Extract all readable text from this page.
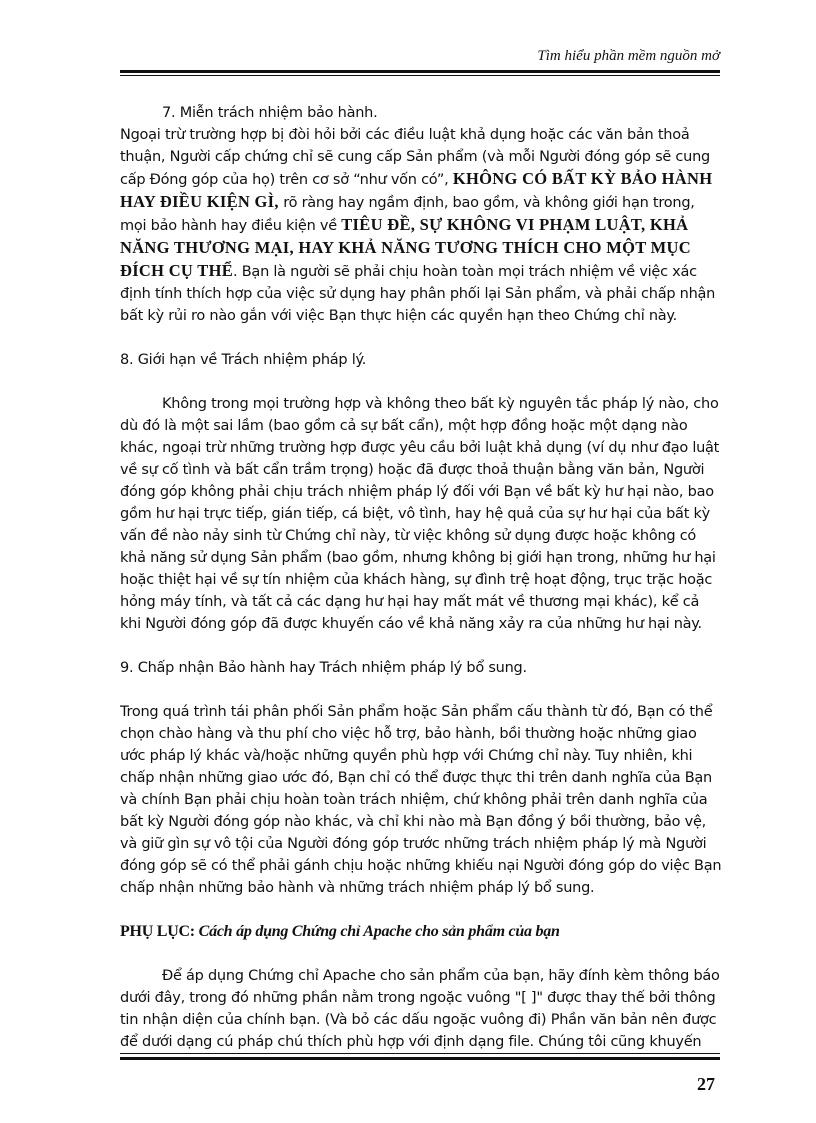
Tìm hiểu phần mềm nguồn mở

7. Miễn trách nhiệm bảo hành.

Ngoại trừ trường hợp bị đòi hỏi bởi các điều luật khả dụng hoặc các văn bản thoả thuận, Người cấp chứng chỉ sẽ cung cấp Sản phẩm (và mỗi Người đóng góp sẽ cung cấp Đóng góp của họ) trên cơ sở “như vốn có”, KHÔNG CÓ BẤT KỲ BẢO HÀNH HAY ĐIỀU KIỆN GÌ, rõ ràng hay ngầm định, bao gồm, và không giới hạn trong, mọi bảo hành hay điều kiện về TIÊU ĐỀ, SỰ KHÔNG VI PHẠM LUẬT, KHẢ NĂNG THƯƠNG MẠI, HAY KHẢ NĂNG TƯƠNG THÍCH CHO MỘT MỤC ĐÍCH CỤ THỂ. Bạn là người sẽ phải chịu hoàn toàn mọi trách nhiệm về việc xác định tính thích hợp của việc sử dụng hay phân phối lại Sản phẩm, và phải chấp nhận bất kỳ rủi ro nào gắn với việc Bạn thực hiện các quyền hạn theo Chứng chỉ này.

8. Giới hạn về Trách nhiệm pháp lý.

Không trong mọi trường hợp và không theo bất kỳ nguyên tắc pháp lý nào, cho dù đó là một sai lầm (bao gồm cả sự bất cẩn), một hợp đồng hoặc một dạng nào khác, ngoại trừ những trường hợp được yêu cầu bởi luật khả dụng (ví dụ như đạo luật về sự cố tình và bất cẩn trầm trọng) hoặc đã được thoả thuận bằng văn bản, Người đóng góp không phải chịu trách nhiệm pháp lý đối với Bạn về bất kỳ hư hại nào, bao gồm hư hại trực tiếp, gián tiếp, cá biệt, vô tình, hay hệ quả của sự hư hại của bất kỳ vấn đề nào nảy sinh từ Chứng chỉ này, từ việc không sử dụng được hoặc không có khả năng sử dụng Sản phẩm (bao gồm, nhưng không bị giới hạn trong, những hư hại hoặc thiệt hại về sự tín nhiệm của khách hàng, sự đình trệ hoạt động, trục trặc hoặc hỏng máy tính, và tất cả các dạng hư hại hay mất mát về thương mại khác), kể cả khi Người đóng góp đã được khuyến cáo về khả năng xảy ra của những hư hại này.

9. Chấp nhận Bảo hành hay Trách nhiệm pháp lý bổ sung.

Trong quá trình tái phân phối Sản phẩm hoặc Sản phẩm cấu thành từ đó, Bạn có thể chọn chào hàng và thu phí cho việc hỗ trợ, bảo hành, bồi thường hoặc những giao ước pháp lý khác và/hoặc những quyền phù hợp với Chứng chỉ này. Tuy nhiên, khi chấp nhận những giao ước đó, Bạn chỉ có thể được thực thi trên danh nghĩa của Bạn và chính Bạn phải chịu hoàn toàn trách nhiệm, chứ không phải trên danh nghĩa của bất kỳ Người đóng góp nào khác, và chỉ khi nào mà Bạn đồng ý bồi thường, bảo vệ, và giữ gìn sự vô tội của Người đóng góp trước những trách nhiệm pháp lý mà Người đóng góp sẽ có thể phải gánh chịu hoặc những khiếu nại Người đóng góp do việc Bạn chấp nhận những bảo hành và những trách nhiệm pháp lý bổ sung.

PHỤ LỤC: Cách áp dụng Chứng chỉ Apache cho sản phẩm của bạn

Để áp dụng Chứng chỉ Apache cho sản phẩm của bạn, hãy đính kèm thông báo dưới đây, trong đó những phần nằm trong ngoặc vuông "[ ]" được thay thế bởi thông tin nhận diện của chính bạn. (Và bỏ các dấu ngoặc vuông đi) Phần văn bản nên được để dưới dạng cú pháp chú thích phù hợp với định dạng file. Chúng tôi cũng khuyến

27
